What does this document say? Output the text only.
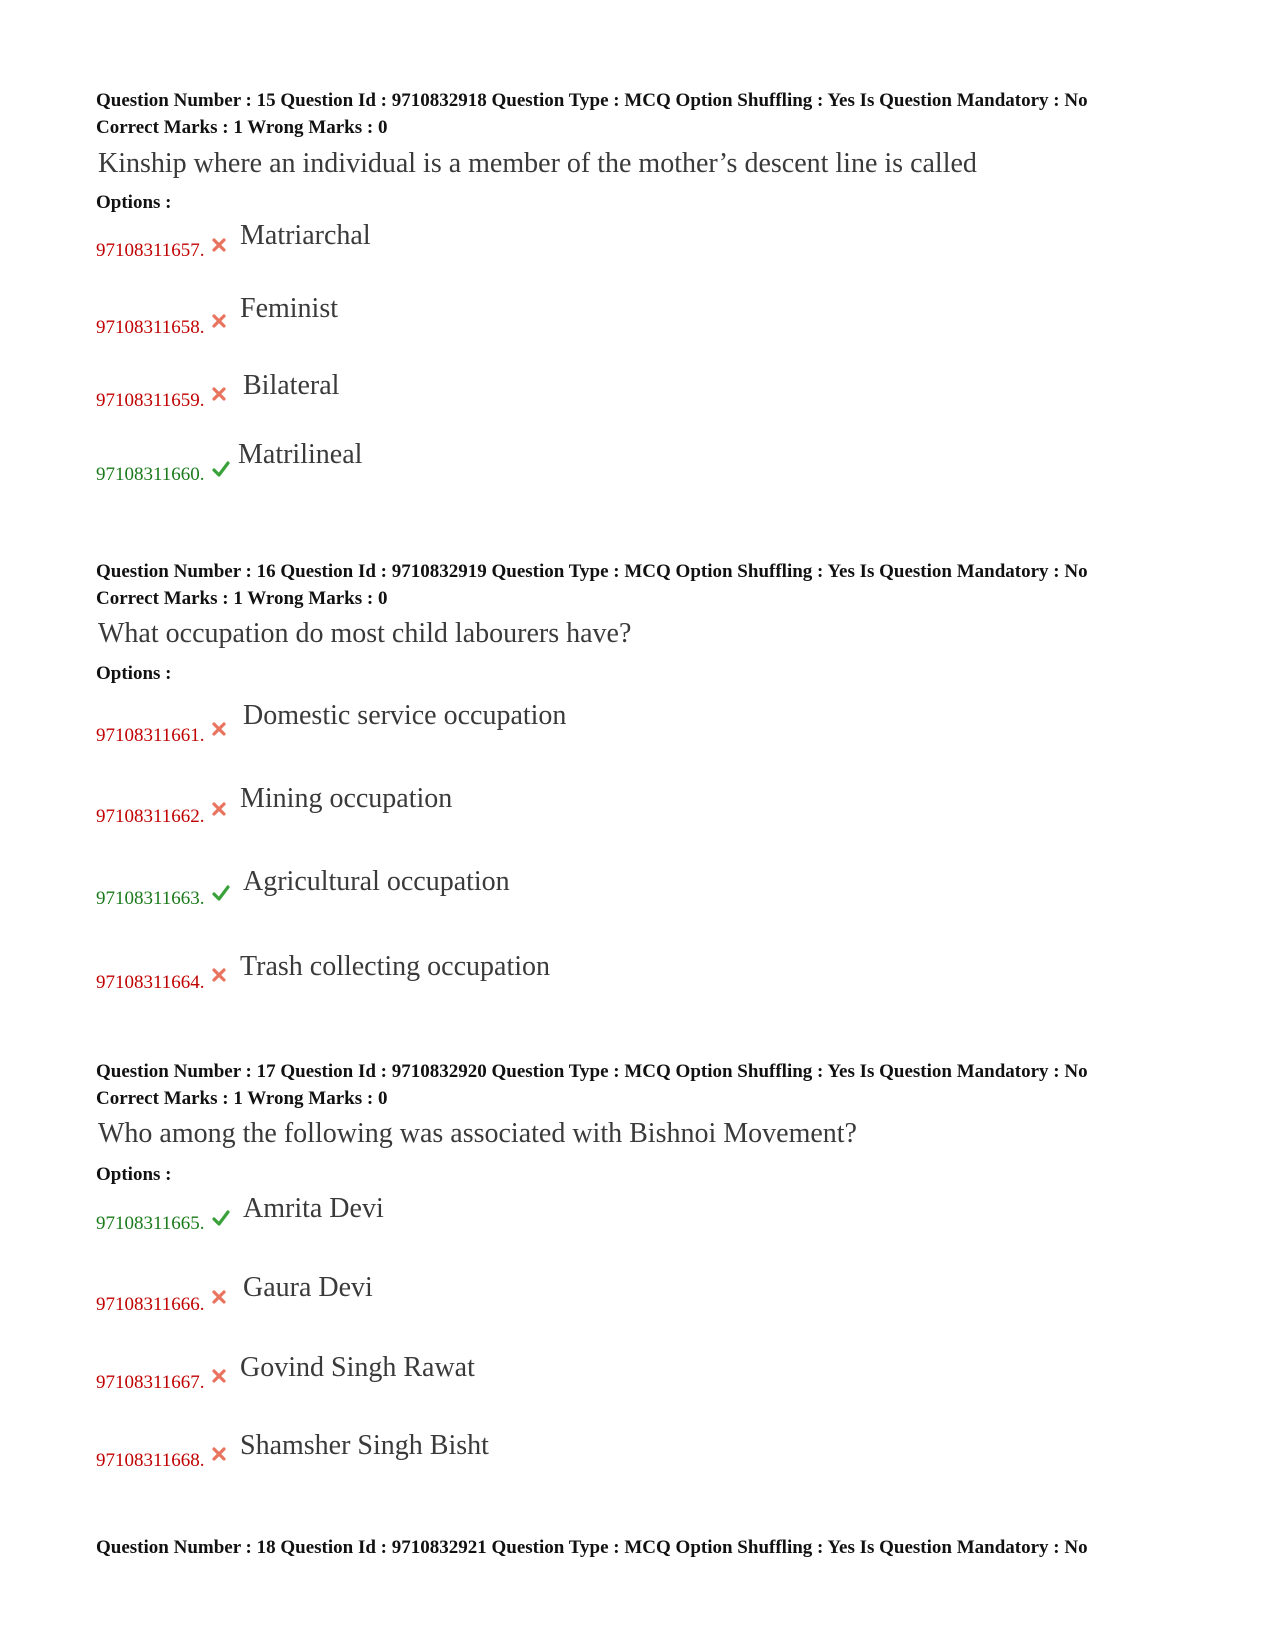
Question Number : 15 Question Id : 9710832918 Question Type : MCQ Option Shuffling : Yes Is Question Mandatory : No
Correct Marks : 1 Wrong Marks : 0
Kinship where an individual is a member of the mother’s descent line is called
Options :
97108311657. Matriarchal
97108311658.
Feminist
97108311659. Bilateral
97108311660.
Matrilineal
Question Number : 16 Question Id : 9710832919 Question Type : MCQ Option Shuffling : Yes Is Question Mandatory : No
Correct Marks : 1 Wrong Marks : 0
What occupation do most child labourers have?
Options :
97108311661.
Domestic service occupation
97108311662.
Mining occupation
97108311663.
Agricultural occupation
97108311664.
Trash collecting occupation
Question Number : 17 Question Id : 9710832920 Question Type : MCQ Option Shuffling : Yes Is Question Mandatory : No
Correct Marks : 1 Wrong Marks : 0
Who among the following was associated with Bishnoi Movement?
Options :
97108311665. Amrita Devi
97108311666.
Gaura Devi
97108311667. Govind Singh Rawat
97108311668. Shamsher Singh Bisht
Question Number : 18 Question Id : 9710832921 Question Type : MCQ Option Shuffling : Yes Is Question Mandatory : No
